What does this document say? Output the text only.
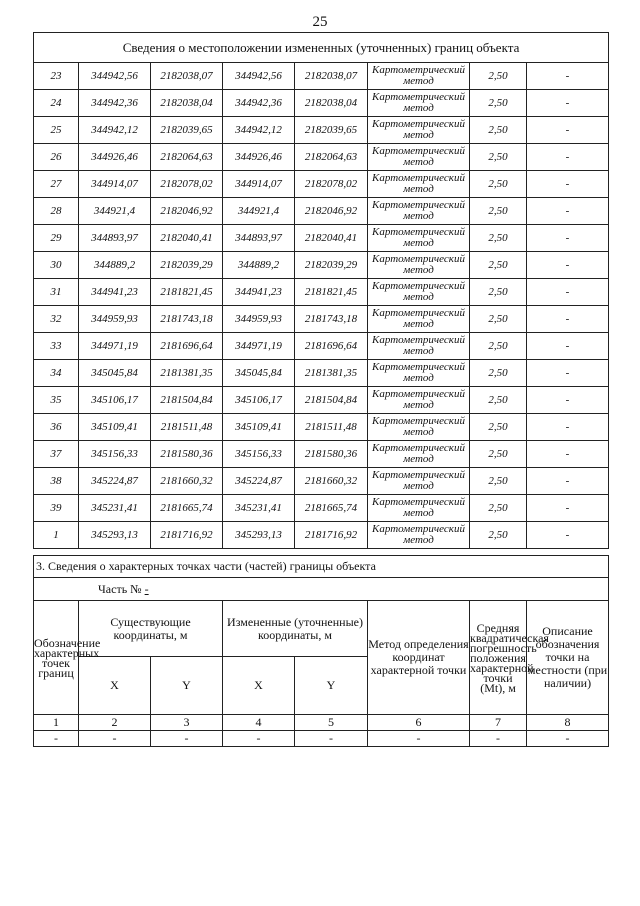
25
Сведения о местоположении измененных (уточненных) границ объекта							
23	344942,56	2182038,07	344942,56	2182038,07	Картометрический метод	2,50	-
24	344942,36	2182038,04	344942,36	2182038,04	Картометрический метод	2,50	-
25	344942,12	2182039,65	344942,12	2182039,65	Картометрический метод	2,50	-
26	344926,46	2182064,63	344926,46	2182064,63	Картометрический метод	2,50	-
27	344914,07	2182078,02	344914,07	2182078,02	Картометрический метод	2,50	-
28	344921,4	2182046,92	344921,4	2182046,92	Картометрический метод	2,50	-
29	344893,97	2182040,41	344893,97	2182040,41	Картометрический метод	2,50	-
30	344889,2	2182039,29	344889,2	2182039,29	Картометрический метод	2,50	-
31	344941,23	2181821,45	344941,23	2181821,45	Картометрический метод	2,50	-
32	344959,93	2181743,18	344959,93	2181743,18	Картометрический метод	2,50	-
33	344971,19	2181696,64	344971,19	2181696,64	Картометрический метод	2,50	-
34	345045,84	2181381,35	345045,84	2181381,35	Картометрический метод	2,50	-
35	345106,17	2181504,84	345106,17	2181504,84	Картометрический метод	2,50	-
36	345109,41	2181511,48	345109,41	2181511,48	Картометрический метод	2,50	-
37	345156,33	2181580,36	345156,33	2181580,36	Картометрический метод	2,50	-
38	345224,87	2181660,32	345224,87	2181660,32	Картометрический метод	2,50	-
39	345231,41	2181665,74	345231,41	2181665,74	Картометрический метод	2,50	-
1	345293,13	2181716,92	345293,13	2181716,92	Картометрический метод	2,50	-
3. Сведения о характерных точках части (частей) границы объекта							
Часть № -							
Обозначение характерных точек границ	Существующие координаты, м		Измененные (уточненные) координаты, м		Метод определения координат характерной точки	Средняя квадратическая погрешность положения характерной точки (Mt), м	Описание обозначения точки на местности (при наличии)
	X	Y	X	Y			
1	2	3	4	5	6	7	8
-	-	-	-	-	-	-	-
